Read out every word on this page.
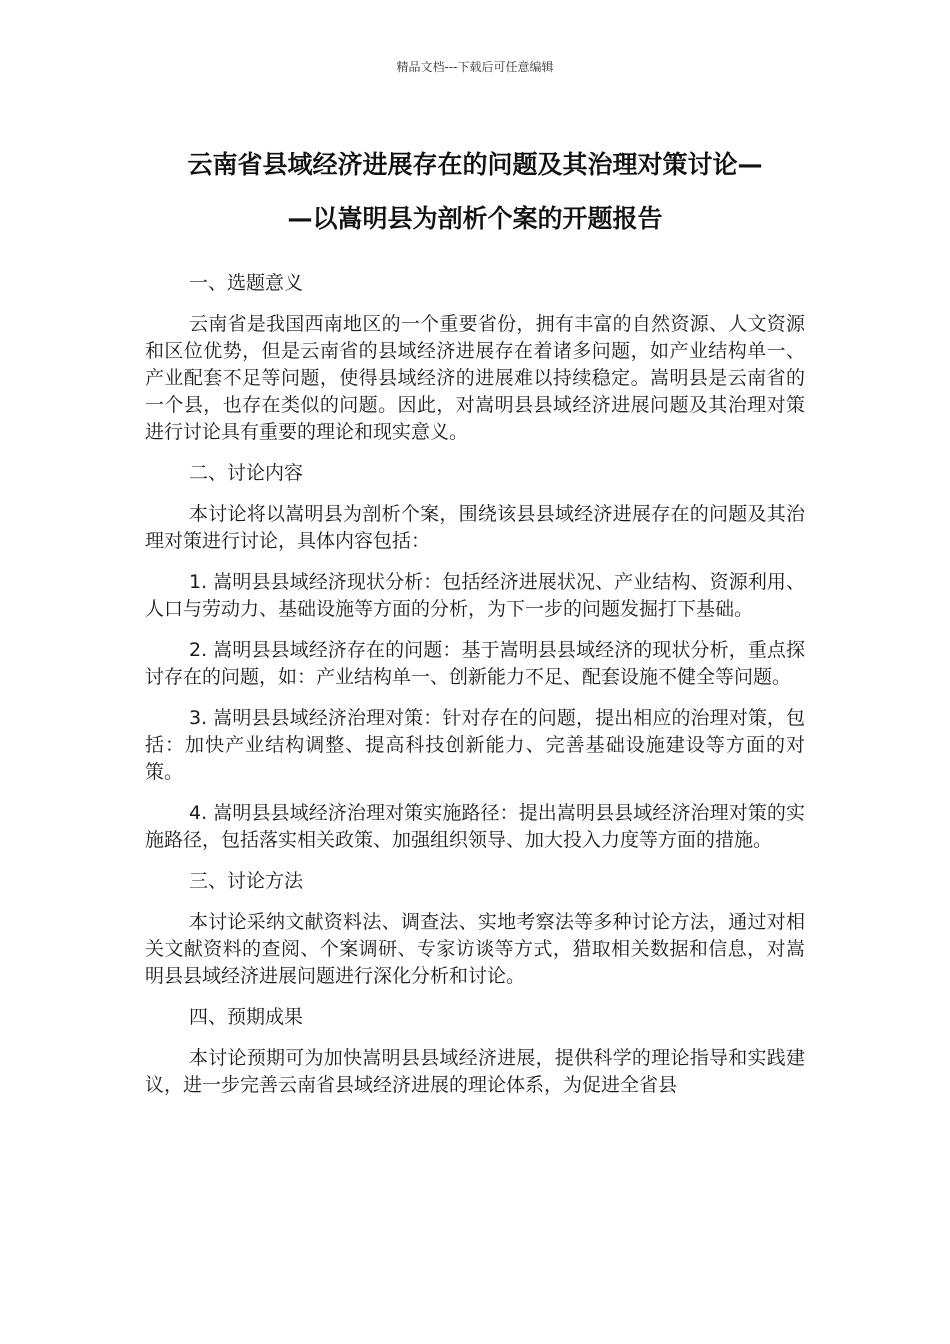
精品文档---下载后可任意编辑
云南省县域经济进展存在的问题及其治理对策讨论—
—以嵩明县为剖析个案的开题报告

一、选题意义

云南省是我国西南地区的一个重要省份，拥有丰富的自然资源、人文资源和区位优势，但是云南省的县域经济进展存在着诸多问题，如产业结构单一、产业配套不足等问题，使得县域经济的进展难以持续稳定。嵩明县是云南省的一个县，也存在类似的问题。因此，对嵩明县县域经济进展问题及其治理对策进行讨论具有重要的理论和现实意义。

二、讨论内容

本讨论将以嵩明县为剖析个案，围绕该县县域经济进展存在的问题及其治理对策进行讨论，具体内容包括：

1. 嵩明县县域经济现状分析：包括经济进展状况、产业结构、资源利用、人口与劳动力、基础设施等方面的分析，为下一步的问题发掘打下基础。

2. 嵩明县县域经济存在的问题：基于嵩明县县域经济的现状分析，重点探讨存在的问题，如：产业结构单一、创新能力不足、配套设施不健全等问题。

3. 嵩明县县域经济治理对策：针对存在的问题，提出相应的治理对策，包括：加快产业结构调整、提高科技创新能力、完善基础设施建设等方面的对策。

4. 嵩明县县域经济治理对策实施路径：提出嵩明县县域经济治理对策的实施路径，包括落实相关政策、加强组织领导、加大投入力度等方面的措施。

三、讨论方法

本讨论采纳文献资料法、调查法、实地考察法等多种讨论方法，通过对相关文献资料的查阅、个案调研、专家访谈等方式，猎取相关数据和信息，对嵩明县县域经济进展问题进行深化分析和讨论。

四、预期成果

本讨论预期可为加快嵩明县县域经济进展，提供科学的理论指导和实践建议，进一步完善云南省县域经济进展的理论体系，为促进全省县
